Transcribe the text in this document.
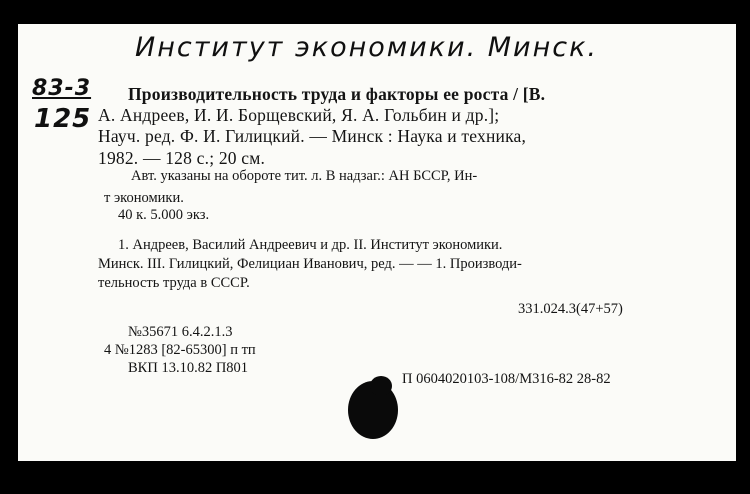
Институт экономики. Минск.
83-3
125
Производительность труда и факторы ее роста / [В.
А. Андреев, И. И. Борщевский, Я. А. Гольбин и др.];
Науч. ред. Ф. И. Гилицкий. — Минск : Наука и техника,
1982. — 128 с.; 20 см.
Авт. указаны на обороте тит. л. В надзаг.: АН БССР, Ин-
т экономики.
40 к. 5.000 экз.
1. Андреев, Василий Андреевич и др. II. Институт экономики.
Минск. III. Гилицкий, Фелициан Иванович, ред. — — 1. Производи-
тельность труда в СССР.
331.024.3(47+57)
№35671 6.4.2.1.3
4 №1283 [82-65300] п тп
ВКП 13.10.82 П801
П 0604020103-108/М316-82 28-82
